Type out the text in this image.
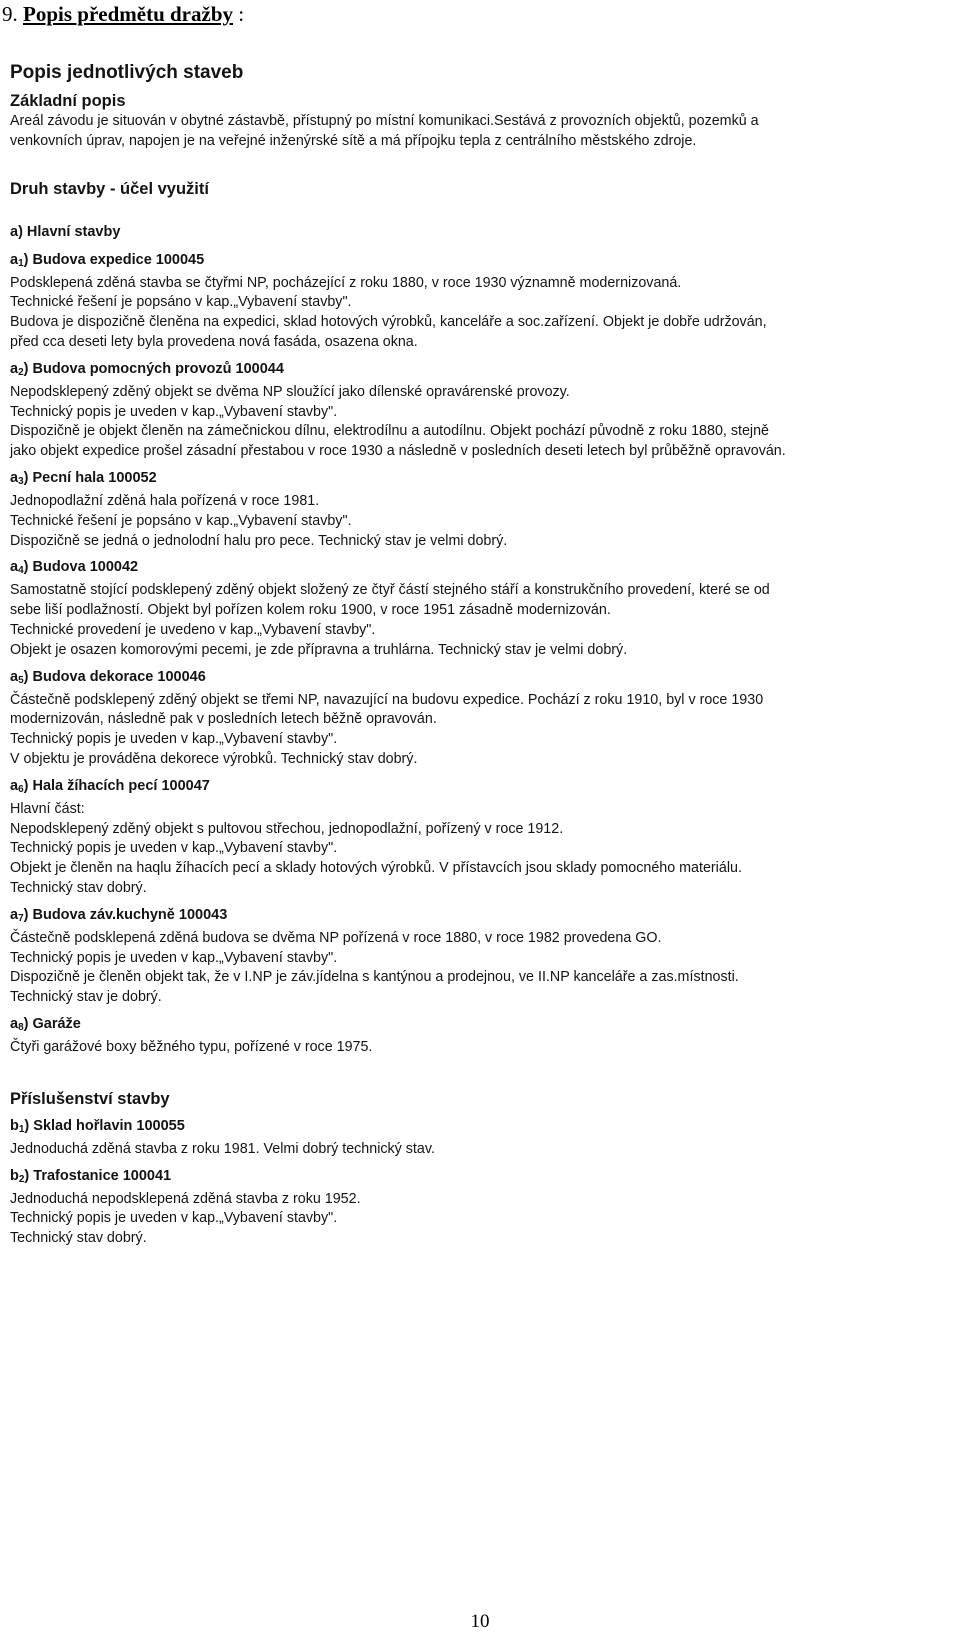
9. Popis předmětu dražby :
Popis jednotlivých staveb
Základní popis

Areál závodu je situován v obytné zástavbě, přístupný po místní komunikaci.Sestává z provozních objektů, pozemků a

venkovních úprav, napojen je na veřejné inženýrské sítě a má přípojku tepla z centrálního městského zdroje.

Druh stavby - účel využití
a) Hlavní stavby
$a_1$) Budova expedice 100045

Podsklepená zděná stavba se čtyřmi NP, pocházející z roku 1880, v roce 1930 významně modernizovaná.

Technické řešení je popsáno v kap.„Vybavení stavby".

Budova je dispozičně členěna na expedici, sklad hotových výrobků, kanceláře a soc.zařízení. Objekt je dobře udržován,

před cca deseti lety byla provedena nová fasáda, osazena okna.

$a_2$) Budova pomocných provozů 100044

Nepodsklepený zděný objekt se dvěma NP sloužící jako dílenské opravárenské provozy.

Technický popis je uveden v kap.„Vybavení stavby".

Dispozičně je objekt členěn na zámečnickou dílnu, elektrodílnu a autodílnu. Objekt pochází původně z roku 1880, stejně

jako objekt expedice prošel zásadní přestabou v roce 1930 a následně v posledních deseti letech byl průběžně opravován.

$a_3$) Pecní hala 100052

Jednopodlažní zděná hala pořízená v roce 1981.

Technické řešení je popsáno v kap.„Vybavení stavby".

Dispozičně se jedná o jednolodní halu pro pece. Technický stav je velmi dobrý.

$a_4$) Budova 100042

Samostatně stojící podsklepený zděný objekt složený ze čtyř částí stejného stáří a konstrukčního provedení, které se od

sebe liší podlažností. Objekt byl pořízen kolem roku 1900, v roce 1951 zásadně modernizován.

Technické provedení je uvedeno v kap.„Vybavení stavby".

Objekt je osazen komorovými pecemi, je zde přípravna a truhlárna. Technický stav je velmi dobrý.

$a_5$) Budova dekorace 100046

Částečně podsklepený zděný objekt se třemi NP, navazující na budovu expedice. Pochází z roku 1910, byl v roce 1930

modernizován, následně pak v posledních letech běžně opravován.

Technický popis je uveden v kap.„Vybavení stavby".

V objektu je prováděna dekorece výrobků. Technický stav dobrý.

$a_6$) Hala žíhacích pecí 100047

Hlavní část:

Nepodsklepený zděný objekt s pultovou střechou, jednopodlažní, pořízený v roce 1912.

Technický popis je uveden v kap.„Vybavení stavby".

Objekt je členěn na haqlu žíhacích pecí a sklady hotových výrobků. V přístavcích jsou sklady pomocného materiálu.

Technický stav dobrý.

$a_7$) Budova záv.kuchyně 100043

Částečně podsklepená zděná budova se dvěma NP pořízená v roce 1880, v roce 1982 provedena GO.

Technický popis je uveden v kap.„Vybavení stavby".

Dispozičně je členěn objekt tak, že v I.NP je záv.jídelna s kantýnou a prodejnou, ve II.NP kanceláře a zas.místnosti.

Technický stav je dobrý.

$a_8$) Garáže

Čtyři garážové boxy běžného typu, pořízené v roce 1975.

Příslušenství stavby
$b_1$) Sklad hořlavin 100055

Jednoduchá zděná stavba z roku 1981. Velmi dobrý technický stav.

$b_2$) Trafostanice 100041

Jednoduchá nepodsklepená zděná stavba z roku 1952.

Technický popis je uveden v kap.„Vybavení stavby".

Technický stav dobrý.

10
